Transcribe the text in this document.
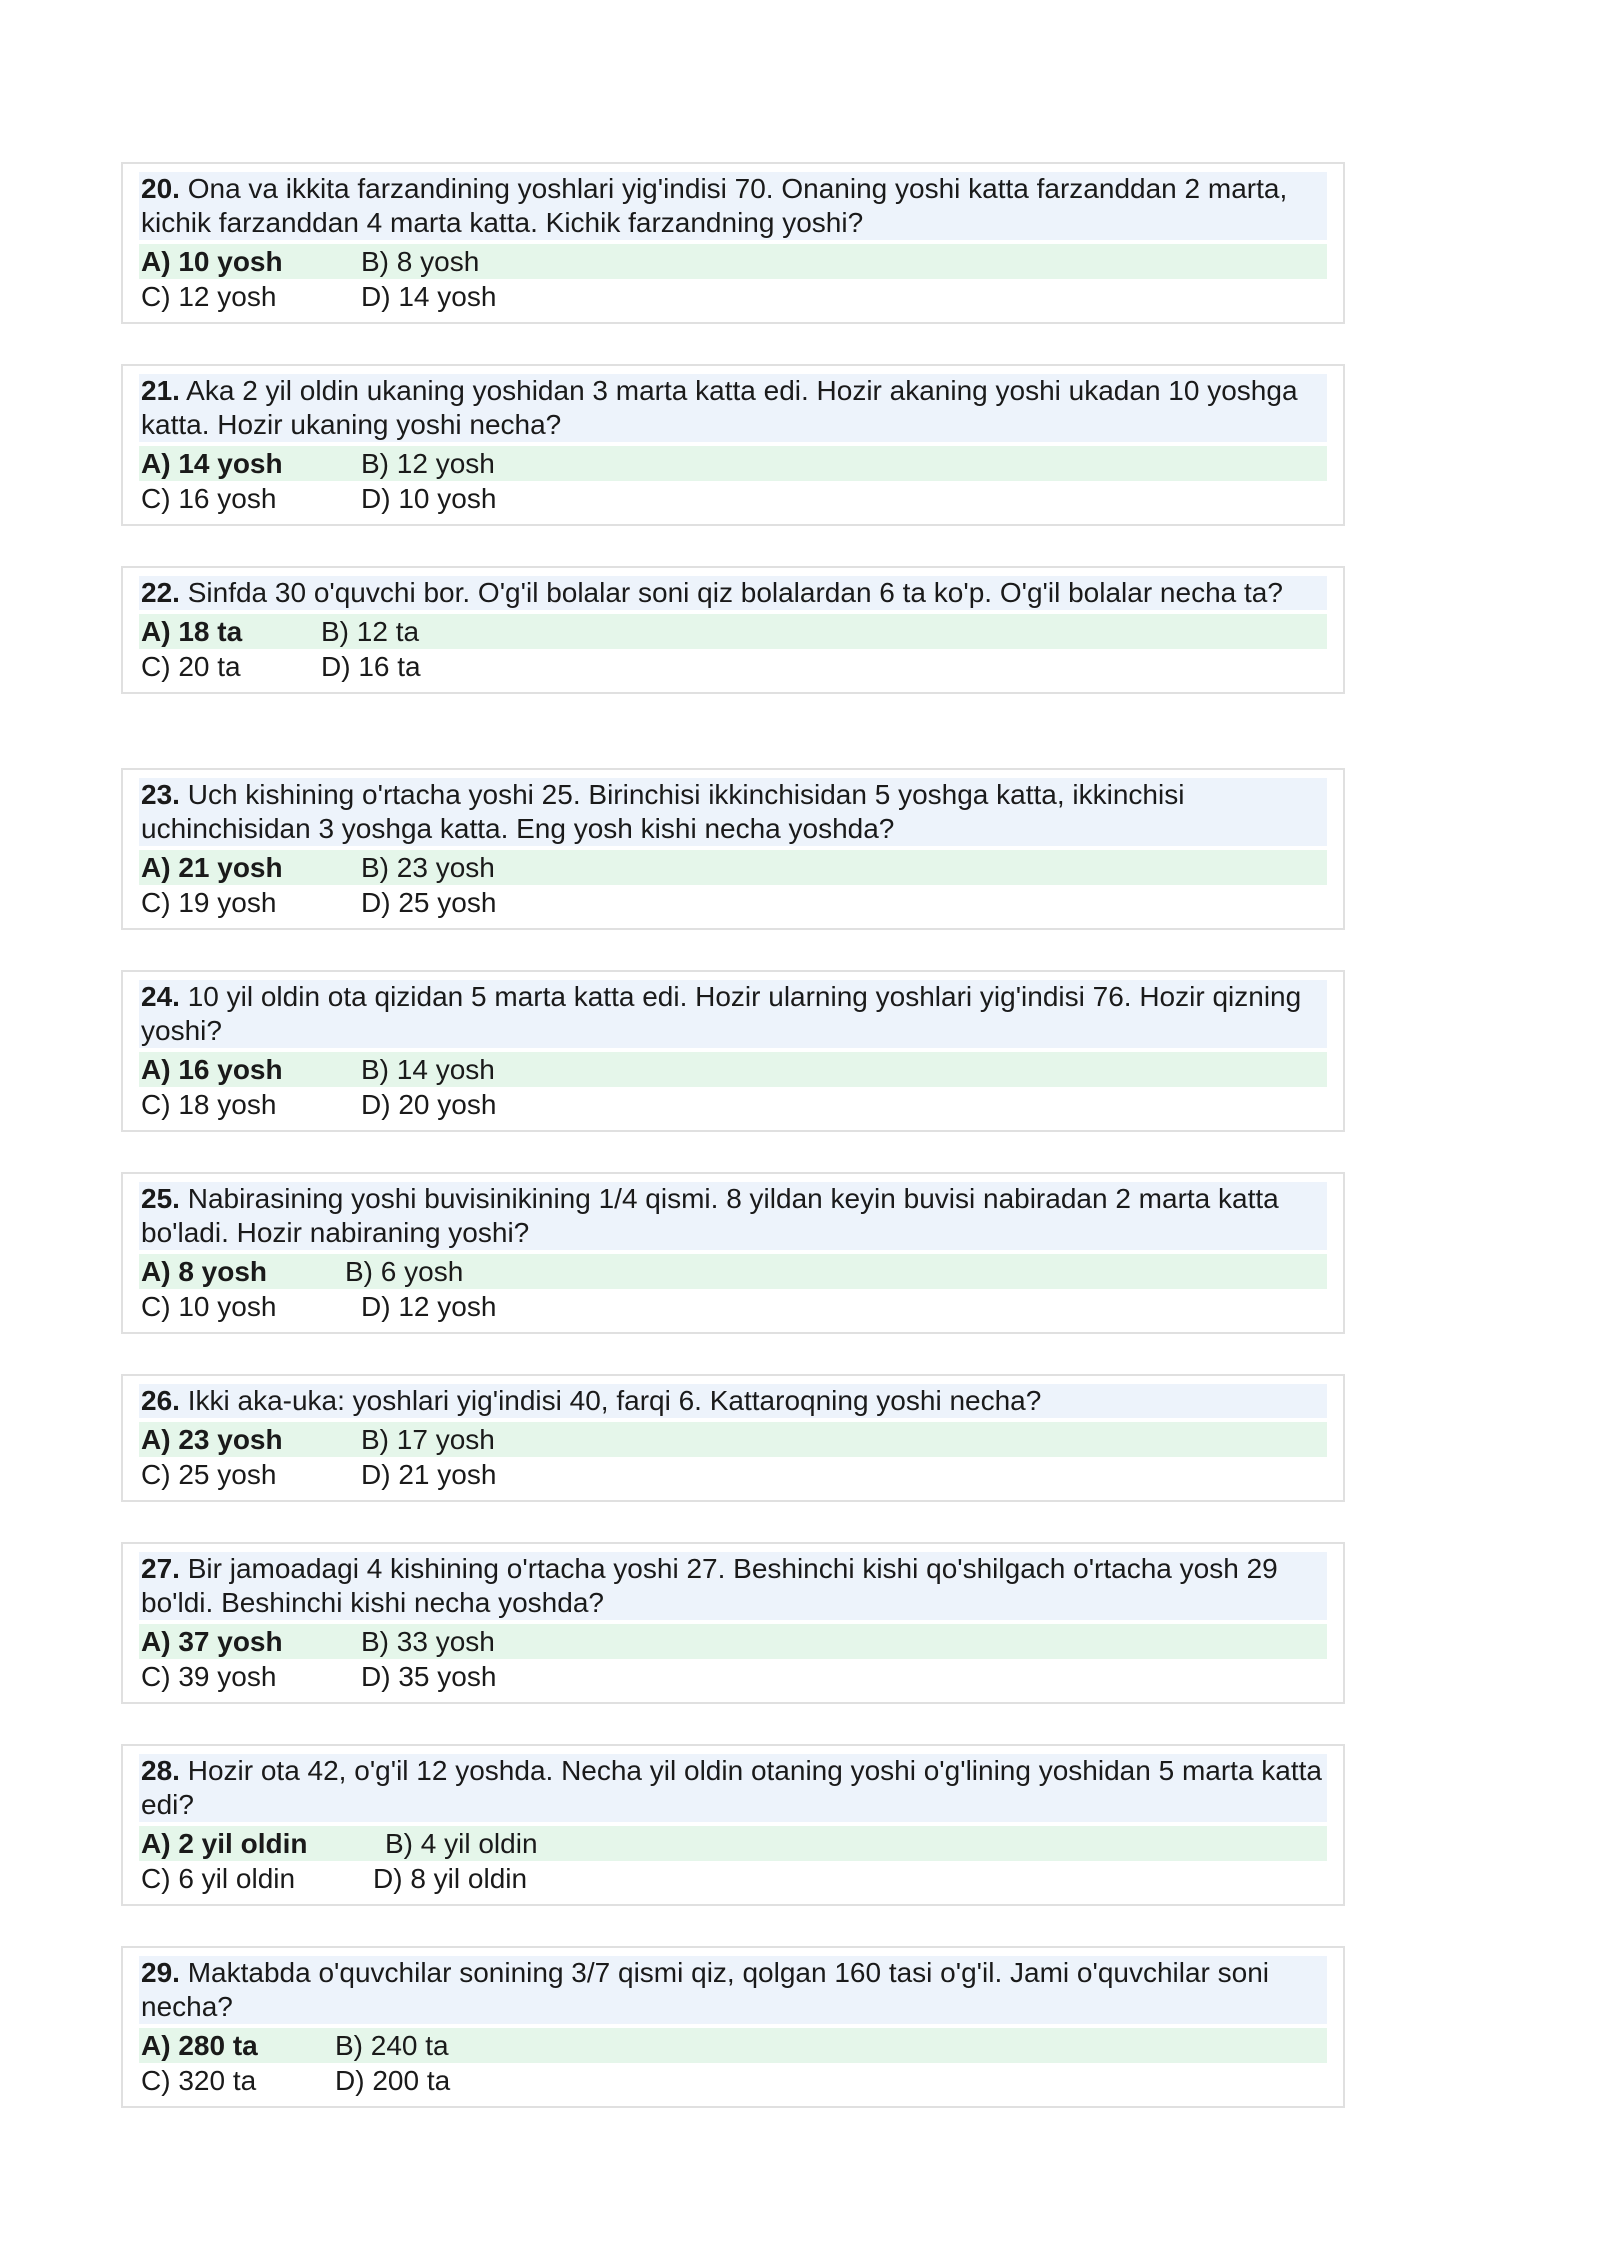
20. Ona va ikkita farzandining yoshlari yig'indisi 70. Onaning yoshi katta farzanddan 2 marta, kichik farzanddan 4 marta katta. Kichik farzandning yoshi?
A) 10 yosh	B) 8 yosh
C) 12 yosh	D) 14 yosh
21. Aka 2 yil oldin ukaning yoshidan 3 marta katta edi. Hozir akaning yoshi ukadan 10 yoshga katta. Hozir ukaning yoshi necha?
A) 14 yosh	B) 12 yosh
C) 16 yosh	D) 10 yosh
22. Sinfda 30 o'quvchi bor. O'g'il bolalar soni qiz bolalardan 6 ta ko'p. O'g'il bolalar necha ta?
A) 18 ta	B) 12 ta
C) 20 ta	D) 16 ta
23. Uch kishining o'rtacha yoshi 25. Birinchisi ikkinchisidan 5 yoshga katta, ikkinchisi uchinchisidan 3 yoshga katta. Eng yosh kishi necha yoshda?
A) 21 yosh	B) 23 yosh
C) 19 yosh	D) 25 yosh
24. 10 yil oldin ota qizidan 5 marta katta edi. Hozir ularning yoshlari yig'indisi 76. Hozir qizning yoshi?
A) 16 yosh	B) 14 yosh
C) 18 yosh	D) 20 yosh
25. Nabirasining yoshi buvisinikining 1/4 qismi. 8 yildan keyin buvisi nabiradan 2 marta katta bo'ladi. Hozir nabiraning yoshi?
A) 8 yosh	B) 6 yosh
C) 10 yosh	D) 12 yosh
26. Ikki aka-uka: yoshlari yig'indisi 40, farqi 6. Kattaroqning yoshi necha?
A) 23 yosh	B) 17 yosh
C) 25 yosh	D) 21 yosh
27. Bir jamoadagi 4 kishining o'rtacha yoshi 27. Beshinchi kishi qo'shilgach o'rtacha yosh 29 bo'ldi. Beshinchi kishi necha yoshda?
A) 37 yosh	B) 33 yosh
C) 39 yosh	D) 35 yosh
28. Hozir ota 42, o'g'il 12 yoshda. Necha yil oldin otaning yoshi o'g'lining yoshidan 5 marta katta edi?
A) 2 yil oldin	B) 4 yil oldin
C) 6 yil oldin	D) 8 yil oldin
29. Maktabda o'quvchilar sonining 3/7 qismi qiz, qolgan 160 tasi o'g'il. Jami o'quvchilar soni necha?
A) 280 ta	B) 240 ta
C) 320 ta	D) 200 ta
